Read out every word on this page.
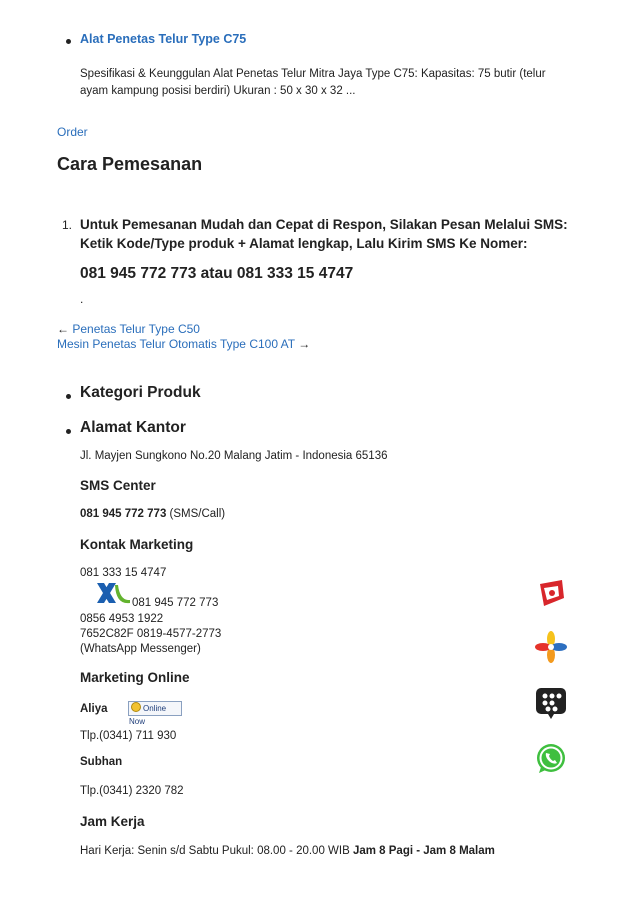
Alat Penetas Telur Type C75
Spesifikasi & Keunggulan Alat Penetas Telur Mitra Jaya Type C75: Kapasitas: 75 butir (telur
ayam kampung posisi berdiri) Ukuran : 50 x 30 x 32 ...
Order
Cara Pemesanan
1. Untuk Pemesanan Mudah dan Cepat di Respon, Silakan Pesan Melalui SMS:
Ketik Kode/Type produk + Alamat lengkap, Lalu Kirim SMS Ke Nomer:
081 945 772 773 atau 081 333 15 4747
.
← Penetas Telur Type C50
Mesin Penetas Telur Otomatis Type C100 AT →
Kategori Produk
Alamat Kantor
Jl. Mayjen Sungkono No.20 Malang Jatim - Indonesia 65136
SMS Center
081 945 772 773 (SMS/Call)
Kontak Marketing
081 333 15 4747
081 945 772 773
0856 4953 1922
7652C82F 0819-4577-2773
(WhatsApp Messenger)
Marketing Online
Aliya	Online Now
Tlp.(0341) 711 930
Subhan
Tlp.(0341) 2320 782
Jam Kerja
Hari Kerja: Senin s/d Sabtu Pukul: 08.00 - 20.00 WIB Jam 8 Pagi - Jam 8 Malam
